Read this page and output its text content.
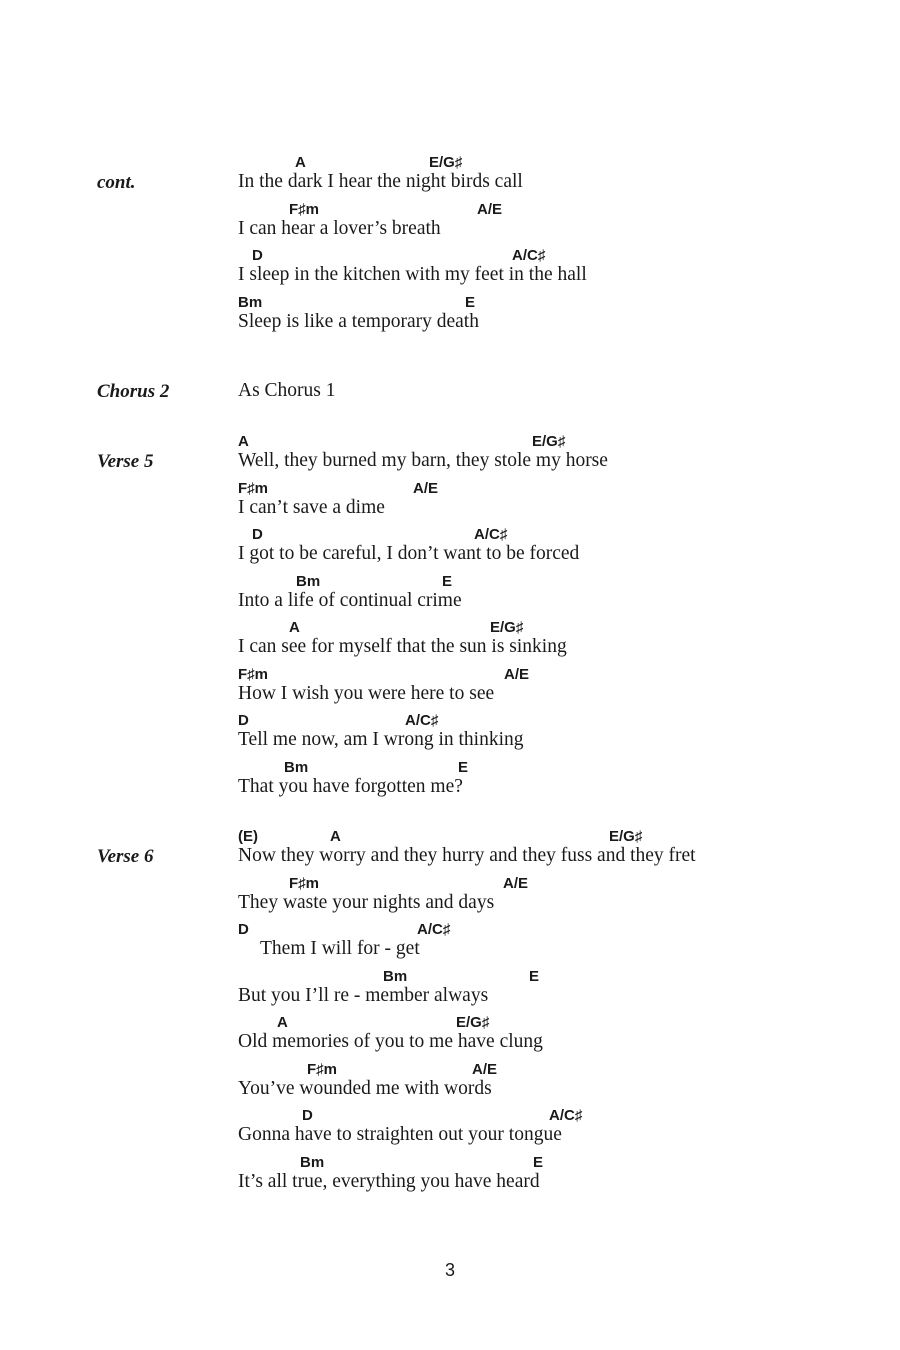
cont.
A	E/G♯
In the dark I hear the night birds call
F♯m	A/E
I can hear a lover’s breath
D	A/C♯
I sleep in the kitchen with my feet in the hall
Bm	E
Sleep is like a temporary death
Chorus 2	As Chorus 1
Verse 5
A	E/G♯
Well, they burned my barn, they stole my horse
F♯m	A/E
I can’t save a dime
D	A/C♯
I got to be careful, I don’t want to be forced
Bm	E
Into a life of continual crime
A	E/G♯
I can see for myself that the sun is sinking
F♯m	A/E
How I wish you were here to see
D	A/C♯
Tell me now, am I wrong in thinking
Bm	E
That you have forgotten me?
Verse 6
(E)	A	E/G♯
Now they worry and they hurry and they fuss and they fret
F♯m	A/E
They waste your nights and days
D	A/C♯
Them I will for - get
Bm	E
But you I’ll re - member always
A	E/G♯
Old memories of you to me have clung
F♯m	A/E
You’ve wounded me with words
D	A/C♯
Gonna have to straighten out your tongue
Bm	E
It’s all true, everything you have heard
3
